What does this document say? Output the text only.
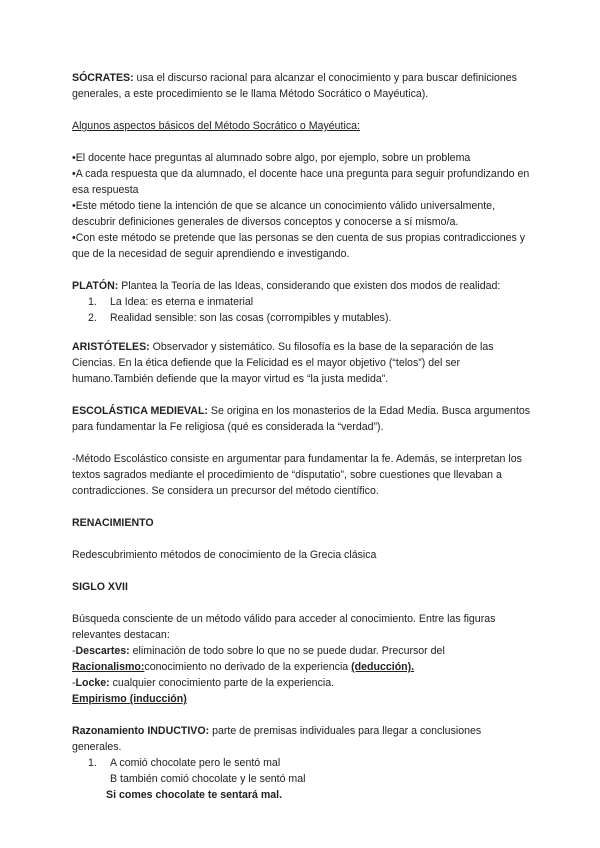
SÓCRATES: usa el discurso racional para alcanzar el conocimiento y para buscar definiciones generales, a este procedimiento se le llama Método Socrático o Mayéutica).

Algunos aspectos básicos del Método Socrático o Mayéutica:

•El docente hace preguntas al alumnado sobre algo, por ejemplo, sobre un problema

•A cada respuesta que da alumnado, el docente hace una pregunta para seguir profundizando en esa respuesta

•Este método tiene la intención de que se alcance un conocimiento válido universalmente, descubrir definiciones generales de diversos conceptos y conocerse a sí mismo/a.

•Con este método se pretende que las personas se den cuenta de sus propias contradicciones y que de la necesidad de seguir aprendiendo e investigando.

PLATÓN: Plantea la Teoría de las Ideas, considerando que existen dos modos de realidad:

1. La Idea: es eterna e inmaterial
2. Realidad sensible: son las cosas (corrompibles y mutables).

ARISTÓTELES: Observador y sistemático. Su filosofía es la base de la separación de las Ciencias. En la ética defiende que la Felicidad es el mayor objetivo (“telos”) del ser humano.También defiende que la mayor virtud es “la justa medida”.

ESCOLÁSTICA MEDIEVAL: Se origina en los monasterios de la Edad Media. Busca argumentos para fundamentar la Fe religiosa (qué es considerada la “verdad”).

-Método Escolástico consiste en argumentar para fundamentar la fe. Además, se interpretan los textos sagrados mediante el procedimiento de “disputatio”, sobre cuestiones que llevaban a contradicciones. Se considera un precursor del método científico.

RENACIMIENTO

Redescubrimiento métodos de conocimiento de la Grecia clásica

SIGLO XVII

Búsqueda consciente de un método válido para acceder al conocimiento. Entre las figuras relevantes destacan:

-Descartes: eliminación de todo sobre lo que no se puede dudar. Precursor del

Racionalismo:conocimiento no derivado de la experiencia (deducción).

-Locke: cualquier conocimiento parte de la experiencia.

Empirismo (inducción)

Razonamiento INDUCTIVO: parte de premisas individuales para llegar a conclusiones generales.

1. A comió chocolate pero le sentó mal

B también comió chocolate y le sentó mal

Si comes chocolate te sentará mal.
